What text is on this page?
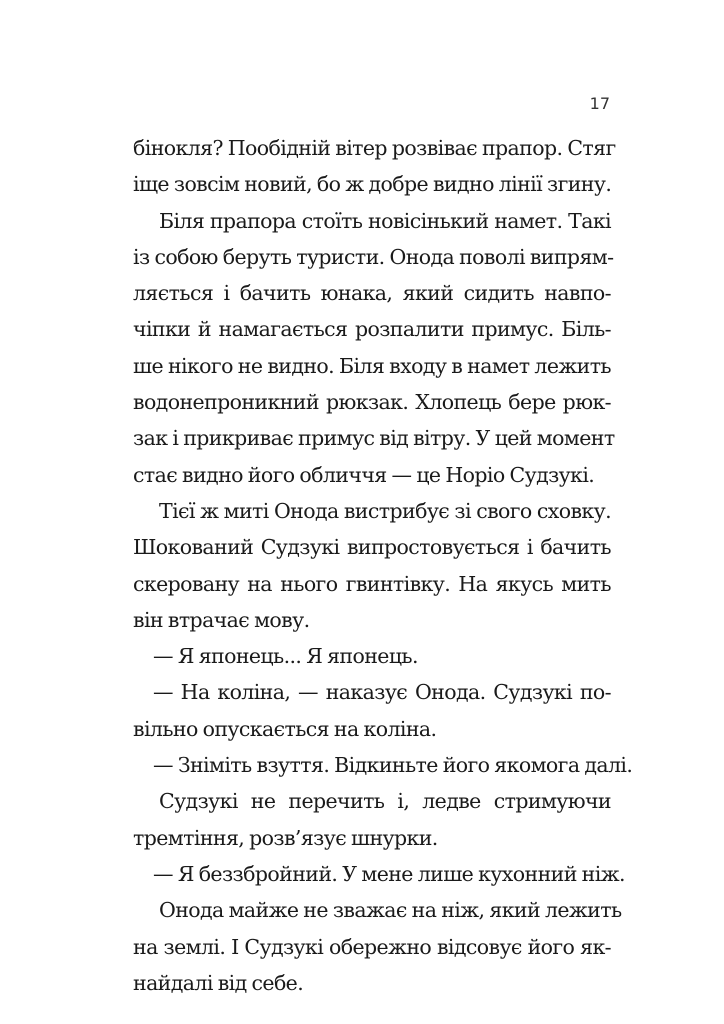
17
бінокля? Пообідній вітер розвіває прапор. Стяг
іще зовсім новий, бо ж добре видно лінії згину.
Біля прапора стоїть новісінький намет. Такі
із собою беруть туристи. Онода поволі випрям-
ляється і бачить юнака, який сидить навпо-
чіпки й намагається розпалити примус. Біль-
ше нікого не видно. Біля входу в намет лежить
водонепроникний рюкзак. Хлопець бере рюк-
зак і прикриває примус від вітру. У цей момент
стає видно його обличчя — це Норіо Судзукі.
Тієї ж миті Онода вистрибує зі свого сховку.
Шокований Судзукі випростовується і бачить
скеровану на нього гвинтівку. На якусь мить
він втрачає мову.
— Я японець... Я японець.
— На коліна, — наказує Онода. Судзукі по-
вільно опускається на коліна.
— Зніміть взуття. Відкиньте його якомога далі.
Судзукі не перечить і, ледве стримуючи
тремтіння, розв’язує шнурки.
— Я беззбройний. У мене лише кухонний ніж.
Онода майже не зважає на ніж, який лежить
на землі. І Судзукі обережно відсовує його як-
найдалі від себе.
